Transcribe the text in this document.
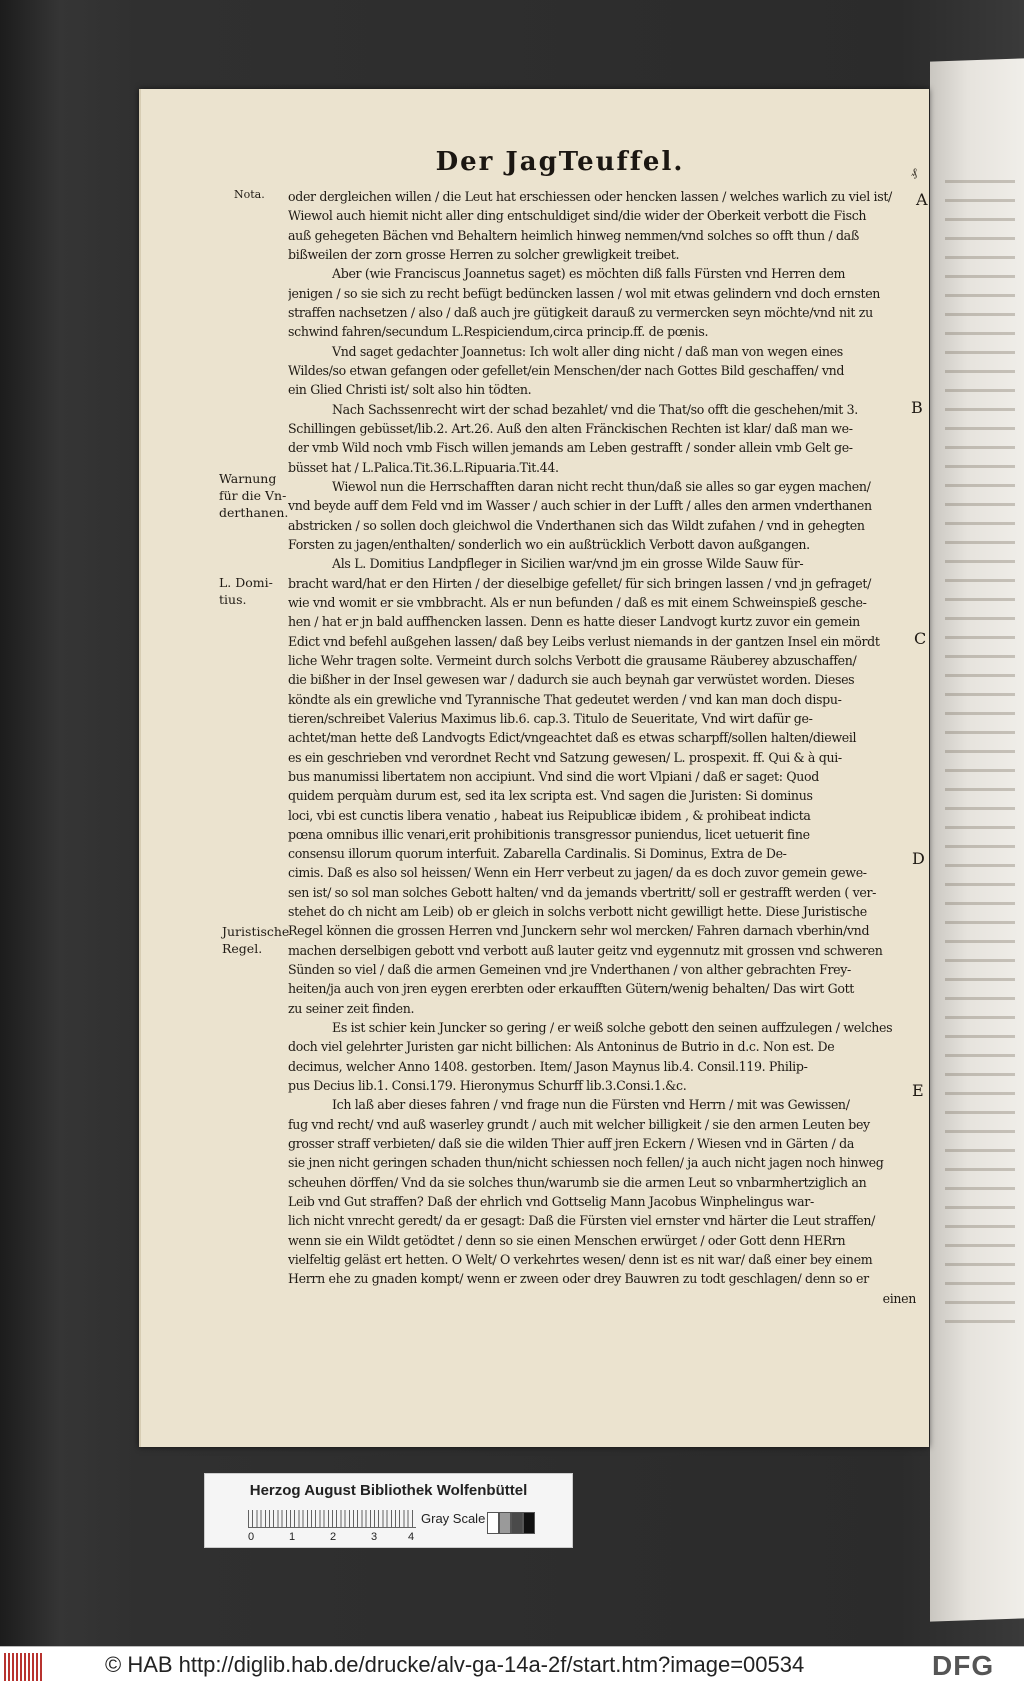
Der JagTeuffel.	₰
Nota.
Warnung
für die Vn-
derthanen.
L. Domi-
tius.
Juristische
Regel.
A
B
C
D
E
oder dergleichen willen / die Leut hat erschiessen oder hencken lassen / welches warlich zu viel ist/
Wiewol auch hiemit nicht aller ding entschuldiget sind/die wider der Oberkeit verbott die Fisch
auß gehegeten Bächen vnd Behaltern heimlich hinweg nemmen/vnd solches so offt thun / daß
bißweilen der zorn grosse Herren zu solcher grewligkeit treibet.
Aber (wie Franciscus Joannetus saget) es möchten diß falls Fürsten vnd Herren dem
jenigen / so sie sich zu recht befügt bedüncken lassen / wol mit etwas gelindern vnd doch ernsten
straffen nachsetzen / also / daß auch jre gütigkeit darauß zu vermercken seyn möchte/vnd nit zu
schwind fahren/secundum L.Respiciendum,circa princip.ff. de pœnis.
Vnd saget gedachter Joannetus: Ich wolt aller ding nicht / daß man von wegen eines
Wildes/so etwan gefangen oder gefellet/ein Menschen/der nach Gottes Bild geschaffen/ vnd
ein Glied Christi ist/ solt also hin tödten.
Nach Sachssenrecht wirt der schad bezahlet/ vnd die That/so offt die geschehen/mit 3.
Schillingen gebüsset/lib.2. Art.26. Auß den alten Fränckischen Rechten ist klar/ daß man we-
der vmb Wild noch vmb Fisch willen jemands am Leben gestrafft / sonder allein vmb Gelt ge-
büsset hat / L.Palica.Tit.36.L.Ripuaria.Tit.44.
Wiewol nun die Herrschafften daran nicht recht thun/daß sie alles so gar eygen machen/
vnd beyde auff dem Feld vnd im Wasser / auch schier in der Lufft / alles den armen vnderthanen
abstricken / so sollen doch gleichwol die Vnderthanen sich das Wildt zufahen / vnd in gehegten
Forsten zu jagen/enthalten/ sonderlich wo ein außtrücklich Verbott davon außgangen.
Als L. Domitius Landpfleger in Sicilien war/vnd jm ein grosse Wilde Sauw für-
bracht ward/hat er den Hirten / der dieselbige gefellet/ für sich bringen lassen / vnd jn gefraget/
wie vnd womit er sie vmbbracht. Als er nun befunden / daß es mit einem Schweinspieß gesche-
hen / hat er jn bald auffhencken lassen. Denn es hatte dieser Landvogt kurtz zuvor ein gemein
Edict vnd befehl außgehen lassen/ daß bey Leibs verlust niemands in der gantzen Insel ein mördt
liche Wehr tragen solte. Vermeint durch solchs Verbott die grausame Räuberey abzuschaffen/
die bißher in der Insel gewesen war / dadurch sie auch beynah gar verwüstet worden. Dieses
köndte als ein grewliche vnd Tyrannische That gedeutet werden / vnd kan man doch dispu-
tieren/schreibet Valerius Maximus lib.6. cap.3. Titulo de Seueritate, Vnd wirt dafür ge-
achtet/man hette deß Landvogts Edict/vngeachtet daß es etwas scharpff/sollen halten/dieweil
es ein geschrieben vnd verordnet Recht vnd Satzung gewesen/ L. prospexit. ff. Qui & à qui-
bus manumissi libertatem non accipiunt. Vnd sind die wort Vlpiani / daß er saget: Quod
quidem perquàm durum est, sed ita lex scripta est. Vnd sagen die Juristen: Si dominus
loci, vbi est cunctis libera venatio , habeat ius Reipublicæ ibidem , & prohibeat indicta
pœna omnibus illic venari,erit prohibitionis transgressor puniendus, licet uetuerit fine
consensu illorum quorum interfuit. Zabarella Cardinalis. Si Dominus, Extra de De-
cimis. Daß es also sol heissen/ Wenn ein Herr verbeut zu jagen/ da es doch zuvor gemein gewe-
sen ist/ so sol man solches Gebott halten/ vnd da jemands vbertritt/ soll er gestrafft werden ( ver-
stehet do ch nicht am Leib) ob er gleich in solchs verbott nicht gewilligt hette. Diese Juristische
Regel können die grossen Herren vnd Junckern sehr wol mercken/ Fahren darnach vberhin/vnd
machen derselbigen gebott vnd verbott auß lauter geitz vnd eygennutz mit grossen vnd schweren
Sünden so viel / daß die armen Gemeinen vnd jre Vnderthanen / von alther gebrachten Frey-
heiten/ja auch von jren eygen ererbten oder erkaufften Gütern/wenig behalten/ Das wirt Gott
zu seiner zeit finden.
Es ist schier kein Juncker so gering / er weiß solche gebott den seinen auffzulegen / welches
doch viel gelehrter Juristen gar nicht billichen: Als Antoninus de Butrio in d.c. Non est. De
decimus, welcher Anno 1408. gestorben. Item/ Jason Maynus lib.4. Consil.119. Philip-
pus Decius lib.1. Consi.179. Hieronymus Schurff lib.3.Consi.1.&c.
Ich laß aber dieses fahren / vnd frage nun die Fürsten vnd Herrn / mit was Gewissen/
fug vnd recht/ vnd auß waserley grundt / auch mit welcher billigkeit / sie den armen Leuten bey
grosser straff verbieten/ daß sie die wilden Thier auff jren Eckern / Wiesen vnd in Gärten / da
sie jnen nicht geringen schaden thun/nicht schiessen noch fellen/ ja auch nicht jagen noch hinweg
scheuhen dörffen/ Vnd da sie solches thun/warumb sie die armen Leut so vnbarmhertziglich an
Leib vnd Gut straffen? Daß der ehrlich vnd Gottselig Mann Jacobus Winphelingus war-
lich nicht vnrecht geredt/ da er gesagt: Daß die Fürsten viel ernster vnd härter die Leut straffen/
wenn sie ein Wildt getödtet / denn so sie einen Menschen erwürget / oder Gott denn HERrn
vielfeltig geläst ert hetten. O Welt/ O verkehrtes wesen/ denn ist es nit war/ daß einer bey einem
Herrn ehe zu gnaden kompt/ wenn er zween oder drey Bauwren zu todt geschlagen/ denn so er
einen
Herzog August Bibliothek Wolfenbüttel
0	1	2	3	4
Gray Scale
© HAB http://diglib.hab.de/drucke/alv-ga-14a-2f/start.htm?image=00534	DFG
